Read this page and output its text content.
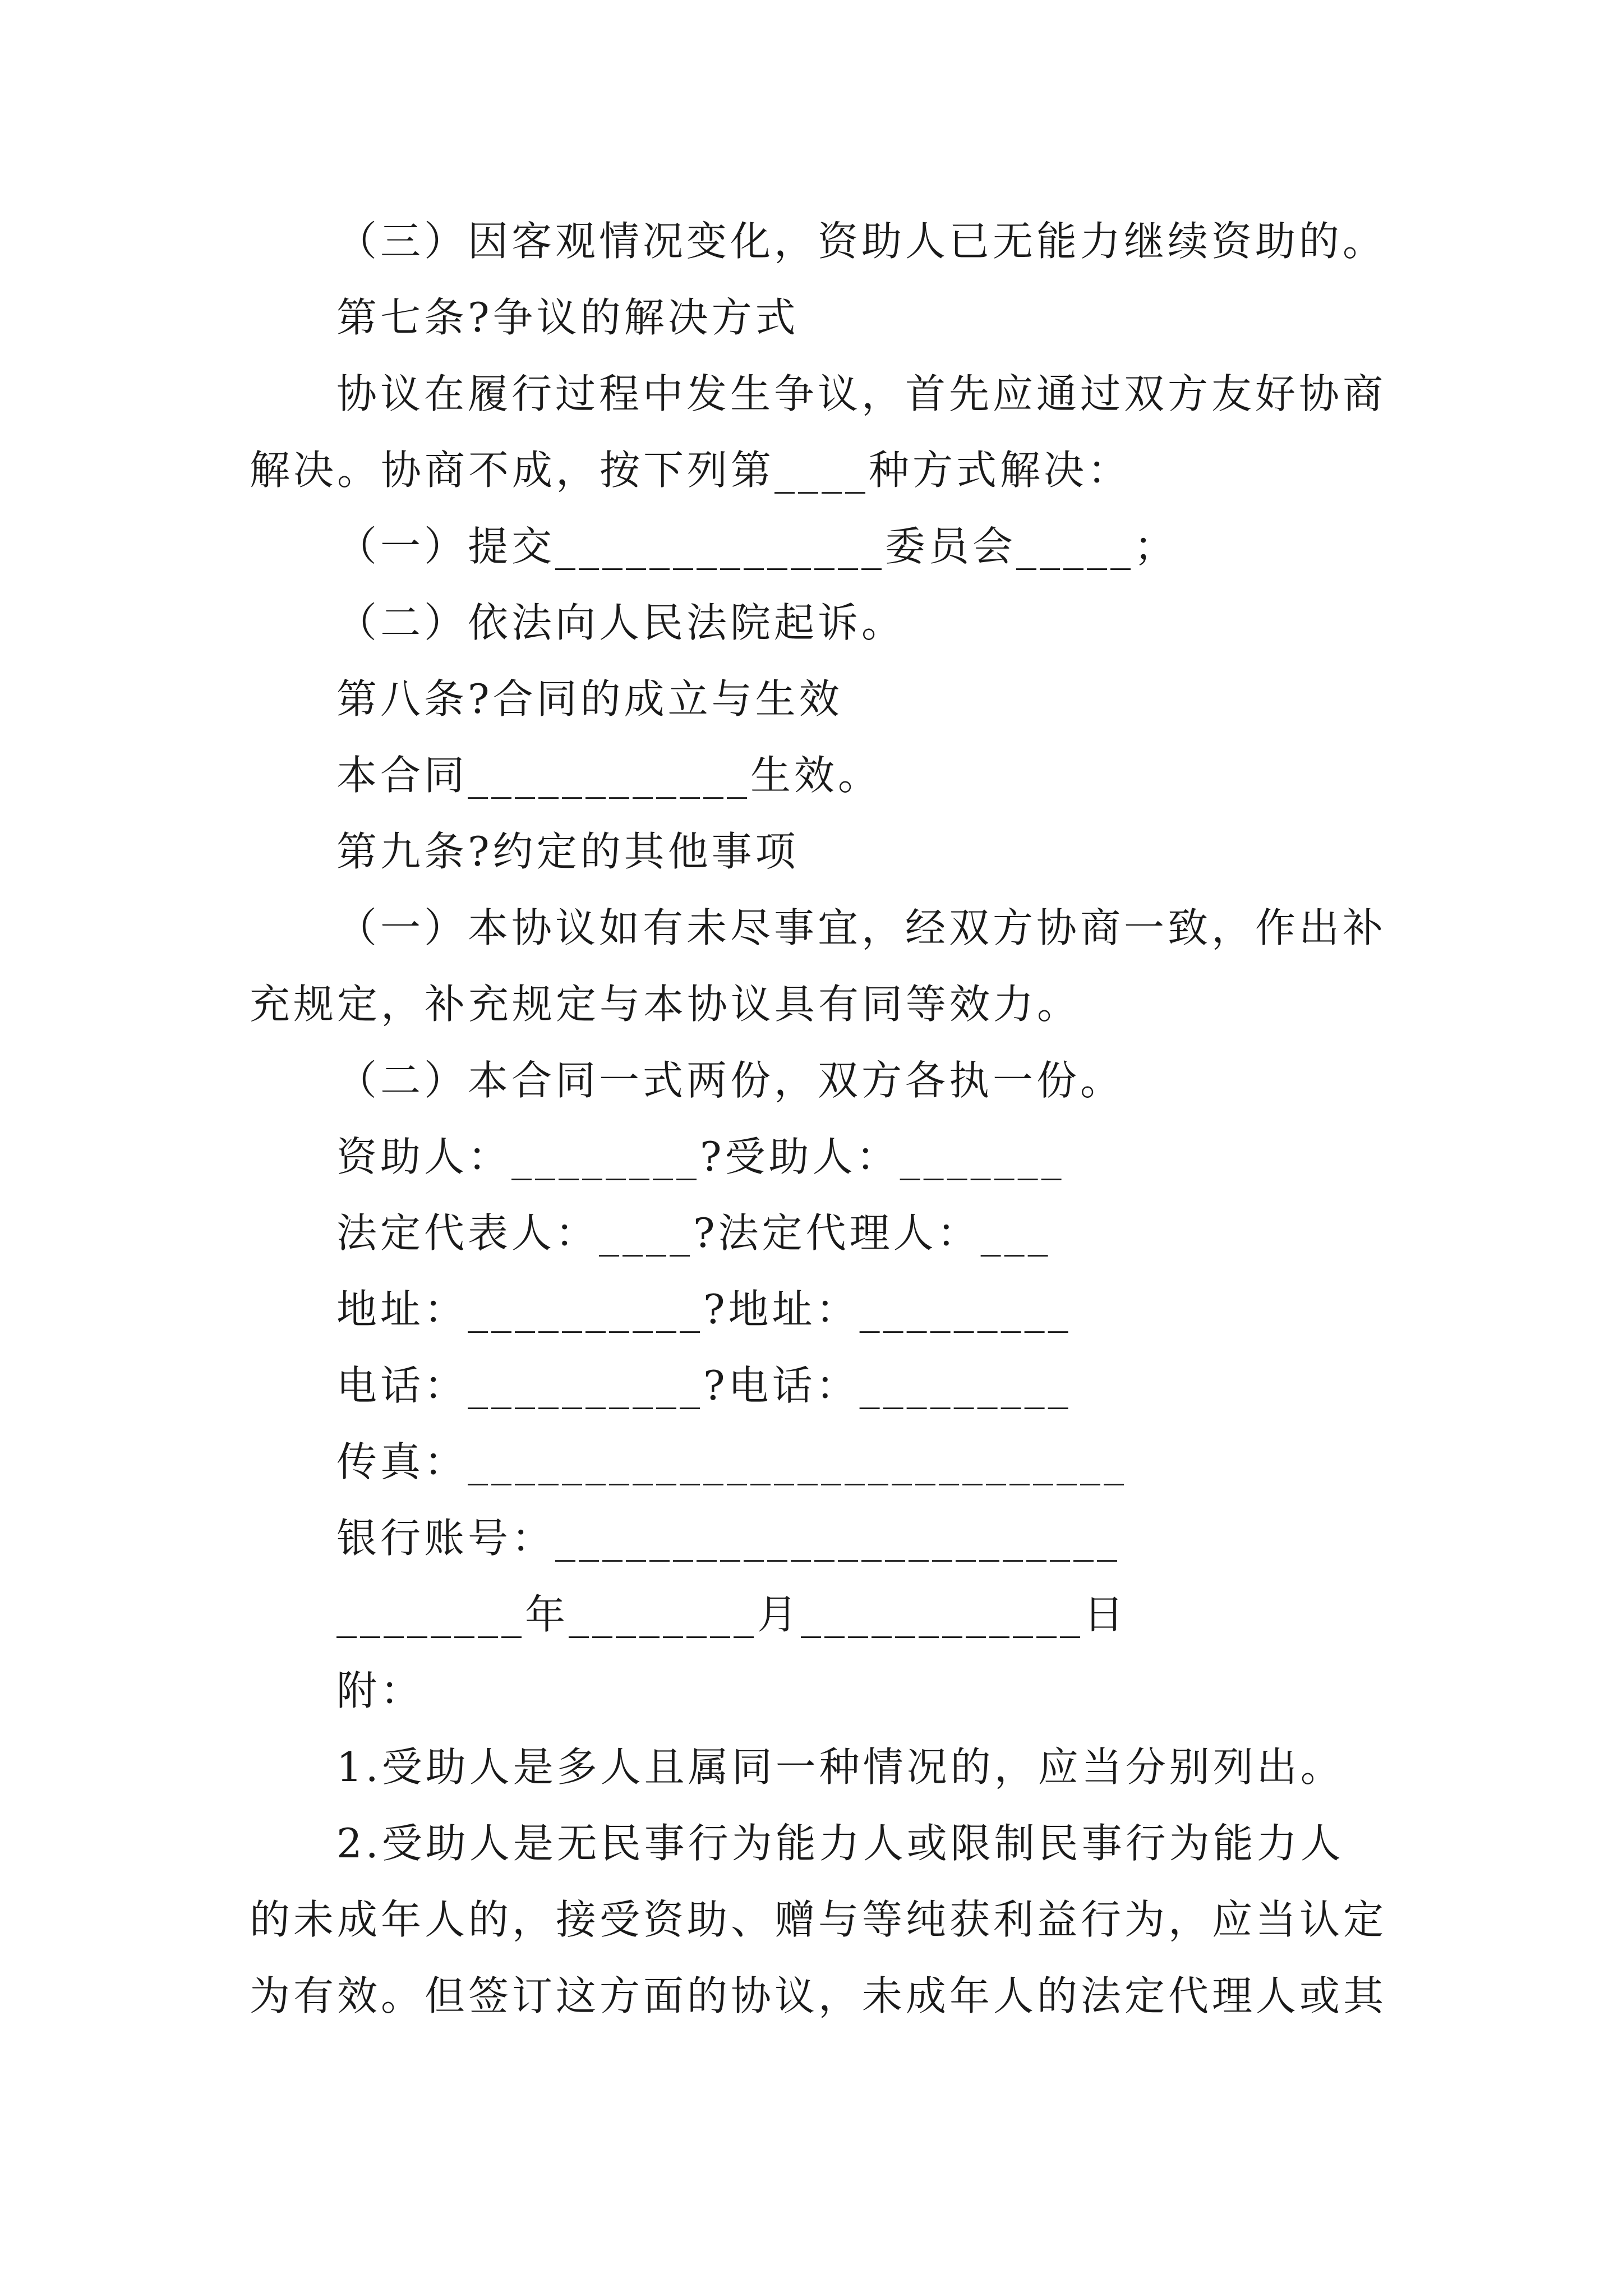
（三）因客观情况变化，资助人已无能力继续资助的。
第七条?争议的解决方式
协议在履行过程中发生争议，首先应通过双方友好协商
解决。协商不成，按下列第____种方式解决：
（一）提交______________委员会_____；
（二）依法向人民法院起诉。
第八条?合同的成立与生效
本合同____________生效。
第九条?约定的其他事项
（一）本协议如有未尽事宜，经双方协商一致，作出补
充规定，补充规定与本协议具有同等效力。
（二）本合同一式两份，双方各执一份。
资助人：________?受助人：_______
法定代表人：____?法定代理人：___
地址：__________?地址：_________
电话：__________?电话：_________
传真：____________________________
银行账号：________________________
________年________月____________日
附：
1.受助人是多人且属同一种情况的，应当分别列出。
2.受助人是无民事行为能力人或限制民事行为能力人
的未成年人的，接受资助、赠与等纯获利益行为，应当认定
为有效。但签订这方面的协议，未成年人的法定代理人或其
